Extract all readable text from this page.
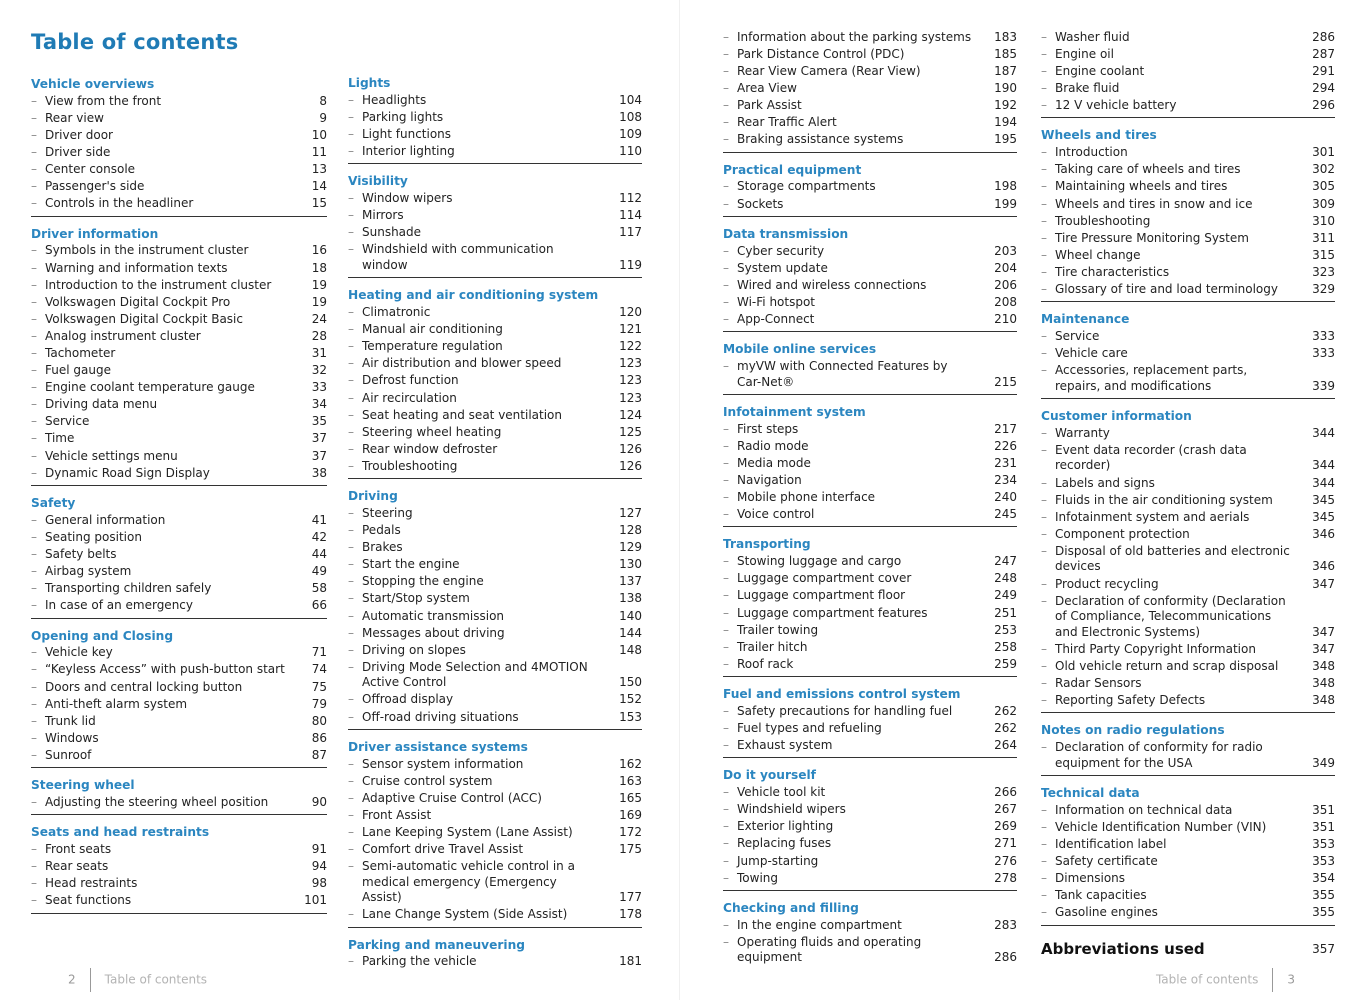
Table of contents
Vehicle overviews
– View from the front	8
– Rear view	9
– Driver door	10
– Driver side	11
– Center console	13
– Passenger's side	14
– Controls in the headliner	15
Driver information
– Symbols in the instrument cluster	16
– Warning and information texts	18
– Introduction to the instrument cluster	19
– Volkswagen Digital Cockpit Pro	19
– Volkswagen Digital Cockpit Basic	24
– Analog instrument cluster	28
– Tachometer	31
– Fuel gauge	32
– Engine coolant temperature gauge	33
– Driving data menu	34
– Service	35
– Time	37
– Vehicle settings menu	37
– Dynamic Road Sign Display	38
Safety
– General information	41
– Seating position	42
– Safety belts	44
– Airbag system	49
– Transporting children safely	58
– In case of an emergency	66
Opening and Closing
– Vehicle key	71
– “Keyless Access” with push-button start	74
– Doors and central locking button	75
– Anti-theft alarm system	79
– Trunk lid	80
– Windows	86
– Sunroof	87
Steering wheel
– Adjusting the steering wheel position	90
Seats and head restraints
– Front seats	91
– Rear seats	94
– Head restraints	98
– Seat functions	101
Lights
– Headlights	104
– Parking lights	108
– Light functions	109
– Interior lighting	110
Visibility
– Window wipers	112
– Mirrors	114
– Sunshade	117
– Windshield with communication window	119
Heating and air conditioning system
– Climatronic	120
– Manual air conditioning	121
– Temperature regulation	122
– Air distribution and blower speed	123
– Defrost function	123
– Air recirculation	123
– Seat heating and seat ventilation	124
– Steering wheel heating	125
– Rear window defroster	126
– Troubleshooting	126
Driving
– Steering	127
– Pedals	128
– Brakes	129
– Start the engine	130
– Stopping the engine	137
– Start/Stop system	138
– Automatic transmission	140
– Messages about driving	144
– Driving on slopes	148
– Driving Mode Selection and 4MOTION Active Control	150
– Offroad display	152
– Off-road driving situations	153
Driver assistance systems
– Sensor system information	162
– Cruise control system	163
– Adaptive Cruise Control (ACC)	165
– Front Assist	169
– Lane Keeping System (Lane Assist)	172
– Comfort drive Travel Assist	175
– Semi-automatic vehicle control in a medical emergency (Emergency Assist)	177
– Lane Change System (Side Assist)	178
Parking and maneuvering
– Parking the vehicle	181
2 Table of contents
– Information about the parking systems	183
– Park Distance Control (PDC)	185
– Rear View Camera (Rear View)	187
– Area View	190
– Park Assist	192
– Rear Traffic Alert	194
– Braking assistance systems	195
Practical equipment
– Storage compartments	198
– Sockets	199
Data transmission
– Cyber security	203
– System update	204
– Wired and wireless connections	206
– Wi-Fi hotspot	208
– App-Connect	210
Mobile online services
– myVW with Connected Features by Car-Net®	215
Infotainment system
– First steps	217
– Radio mode	226
– Media mode	231
– Navigation	234
– Mobile phone interface	240
– Voice control	245
Transporting
– Stowing luggage and cargo	247
– Luggage compartment cover	248
– Luggage compartment floor	249
– Luggage compartment features	251
– Trailer towing	253
– Trailer hitch	258
– Roof rack	259
Fuel and emissions control system
– Safety precautions for handling fuel	262
– Fuel types and refueling	262
– Exhaust system	264
Do it yourself
– Vehicle tool kit	266
– Windshield wipers	267
– Exterior lighting	269
– Replacing fuses	271
– Jump-starting	276
– Towing	278
Checking and filling
– In the engine compartment	283
– Operating fluids and operating equipment	286
– Washer fluid	286
– Engine oil	287
– Engine coolant	291
– Brake fluid	294
– 12 V vehicle battery	296
Wheels and tires
– Introduction	301
– Taking care of wheels and tires	302
– Maintaining wheels and tires	305
– Wheels and tires in snow and ice	309
– Troubleshooting	310
– Tire Pressure Monitoring System	311
– Wheel change	315
– Tire characteristics	323
– Glossary of tire and load terminology	329
Maintenance
– Service	333
– Vehicle care	333
– Accessories, replacement parts, repairs, and modifications	339
Customer information
– Warranty	344
– Event data recorder (crash data recorder)	344
– Labels and signs	344
– Fluids in the air conditioning system	345
– Infotainment system and aerials	345
– Component protection	346
– Disposal of old batteries and electronic devices	346
– Product recycling	347
– Declaration of conformity (Declaration of Compliance, Telecommunications and Electronic Systems)	347
– Third Party Copyright Information	347
– Old vehicle return and scrap disposal	348
– Radar Sensors	348
– Reporting Safety Defects	348
Notes on radio regulations
– Declaration of conformity for radio equipment for the USA	349
Technical data
– Information on technical data	351
– Vehicle Identification Number (VIN)	351
– Identification label	353
– Safety certificate	353
– Dimensions	354
– Tank capacities	355
– Gasoline engines	355
Abbreviations used	357
Table of contents 3
